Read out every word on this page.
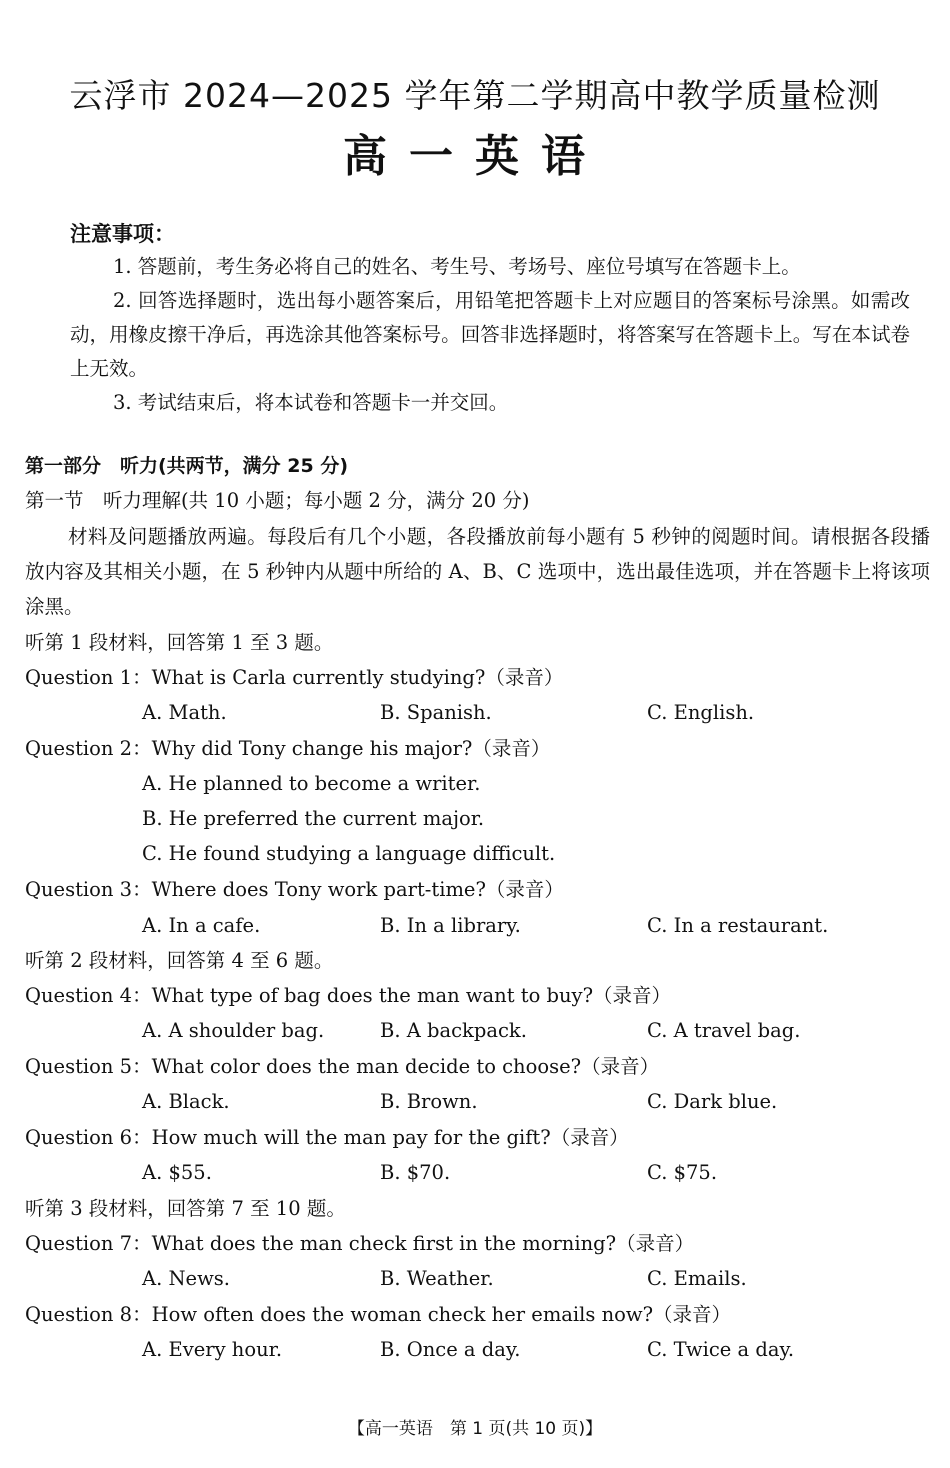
云浮市 2024—2025 学年第二学期高中教学质量检测
高一英语
注意事项：
1. 答题前，考生务必将自己的姓名、考生号、考场号、座位号填写在答题卡上。
2. 回答选择题时，选出每小题答案后，用铅笔把答题卡上对应题目的答案标号涂黑。如需改动，用橡皮擦干净后，再选涂其他答案标号。回答非选择题时，将答案写在答题卡上。写在本试卷上无效。
3. 考试结束后，将本试卷和答题卡一并交回。
第一部分　听力(共两节，满分 25 分)
第一节　听力理解(共 10 小题；每小题 2 分，满分 20 分)
材料及问题播放两遍。每段后有几个小题，各段播放前每小题有 5 秒钟的阅题时间。请根据各段播放内容及其相关小题，在 5 秒钟内从题中所给的 A、B、C 选项中，选出最佳选项，并在答题卡上将该项涂黑。
听第 1 段材料，回答第 1 至 3 题。
Question 1：What is Carla currently studying?（录音）
A. Math.	B. Spanish.	C. English.
Question 2：Why did Tony change his major?（录音）
A. He planned to become a writer.
B. He preferred the current major.
C. He found studying a language difficult.
Question 3：Where does Tony work part-time?（录音）
A. In a cafe.	B. In a library.	C. In a restaurant.
听第 2 段材料，回答第 4 至 6 题。
Question 4：What type of bag does the man want to buy?（录音）
A. A shoulder bag.	B. A backpack.	C. A travel bag.
Question 5：What color does the man decide to choose?（录音）
A. Black.	B. Brown.	C. Dark blue.
Question 6：How much will the man pay for the gift?（录音）
A. $55.	B. $70.	C. $75.
听第 3 段材料，回答第 7 至 10 题。
Question 7：What does the man check first in the morning?（录音）
A. News.	B. Weather.	C. Emails.
Question 8：How often does the woman check her emails now?（录音）
A. Every hour.	B. Once a day.	C. Twice a day.
【高一英语　第 1 页(共 10 页)】
